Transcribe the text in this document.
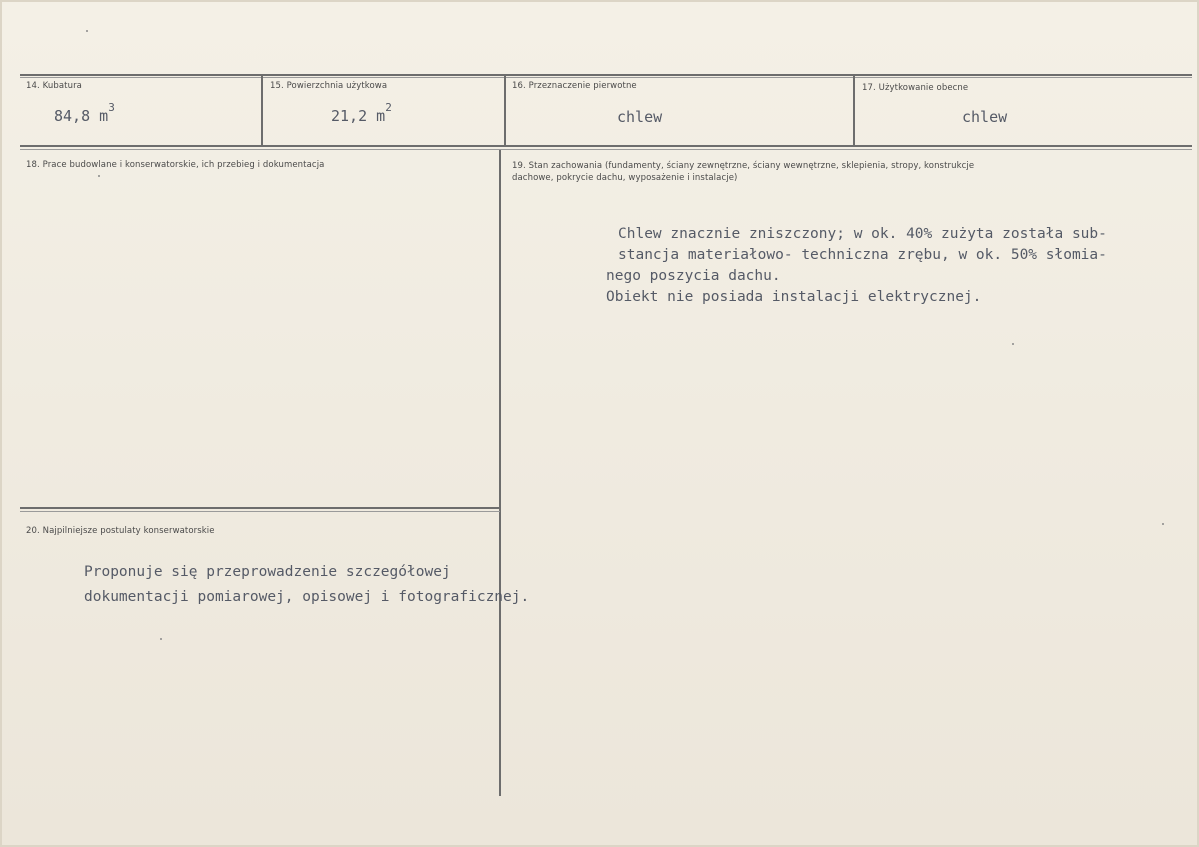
14. Kubatura
84,8 $m^3$
15. Powierzchnia użytkowa
21,2 $m^2$
16. Przeznaczenie pierwotne
chlew
17. Użytkowanie obecne
chlew
18. Prace budowlane i konserwatorskie, ich przebieg i dokumentacja	19. Stan zachowania (fundamenty, ściany zewnętrzne, ściany wewnętrzne, sklepienia, stropy, konstrukcje dachowe, pokrycie dachu, wyposażenie i instalacje)
Chlew znacznie zniszczony; w ok. 40% zużyta została sub-
stancja materiałowo- techniczna zrębu, w ok. 50% słomia-
nego poszycia dachu.
Obiekt nie posiada instalacji elektrycznej.
20. Najpilniejsze postulaty konserwatorskie
Proponuje się przeprowadzenie szczegółowej
dokumentacji pomiarowej, opisowej i fotograficznej.
